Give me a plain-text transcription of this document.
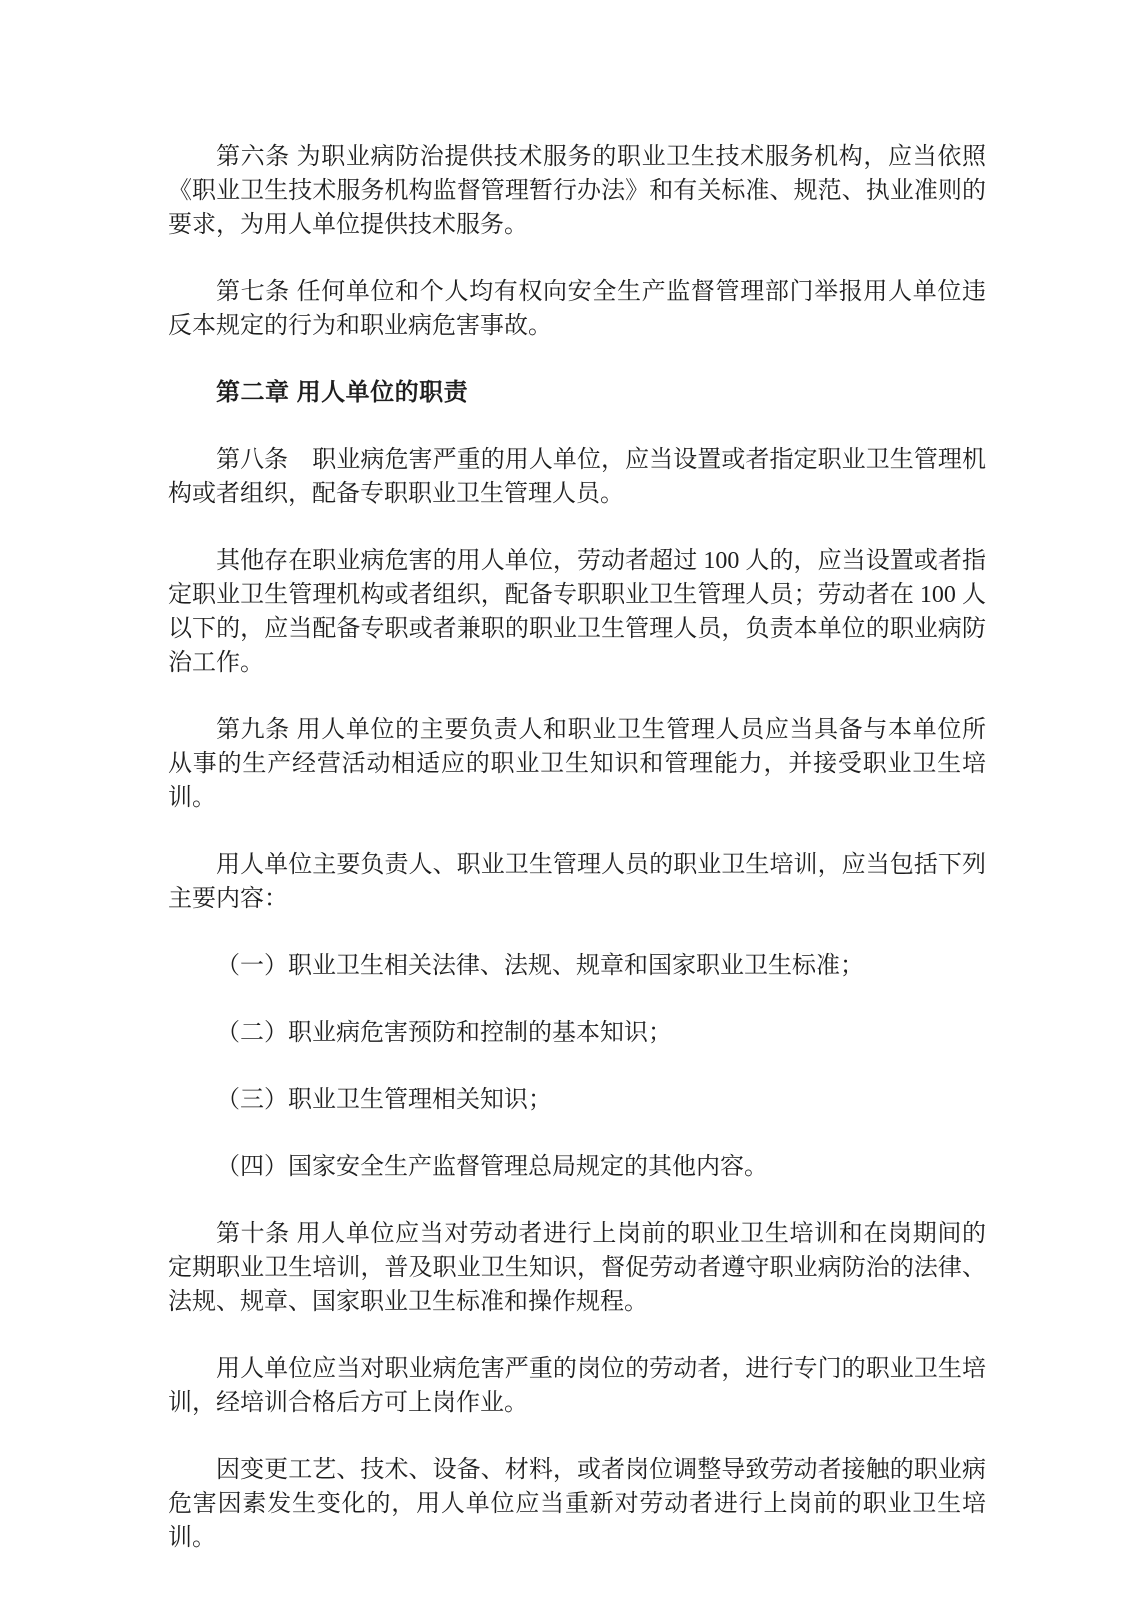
第六条 为职业病防治提供技术服务的职业卫生技术服务机构，应当依照《职业卫生技术服务机构监督管理暂行办法》和有关标准、规范、执业准则的要求，为用人单位提供技术服务。

第七条 任何单位和个人均有权向安全生产监督管理部门举报用人单位违反本规定的行为和职业病危害事故。

第二章 用人单位的职责

第八条　职业病危害严重的用人单位，应当设置或者指定职业卫生管理机构或者组织，配备专职职业卫生管理人员。

其他存在职业病危害的用人单位，劳动者超过 100 人的，应当设置或者指定职业卫生管理机构或者组织，配备专职职业卫生管理人员；劳动者在 100 人以下的，应当配备专职或者兼职的职业卫生管理人员，负责本单位的职业病防治工作。

第九条 用人单位的主要负责人和职业卫生管理人员应当具备与本单位所从事的生产经营活动相适应的职业卫生知识和管理能力，并接受职业卫生培训。

用人单位主要负责人、职业卫生管理人员的职业卫生培训，应当包括下列主要内容：

（一）职业卫生相关法律、法规、规章和国家职业卫生标准；

（二）职业病危害预防和控制的基本知识；

（三）职业卫生管理相关知识；

（四）国家安全生产监督管理总局规定的其他内容。

第十条 用人单位应当对劳动者进行上岗前的职业卫生培训和在岗期间的定期职业卫生培训，普及职业卫生知识，督促劳动者遵守职业病防治的法律、法规、规章、国家职业卫生标准和操作规程。

用人单位应当对职业病危害严重的岗位的劳动者，进行专门的职业卫生培训，经培训合格后方可上岗作业。

因变更工艺、技术、设备、材料，或者岗位调整导致劳动者接触的职业病危害因素发生变化的，用人单位应当重新对劳动者进行上岗前的职业卫生培训。
